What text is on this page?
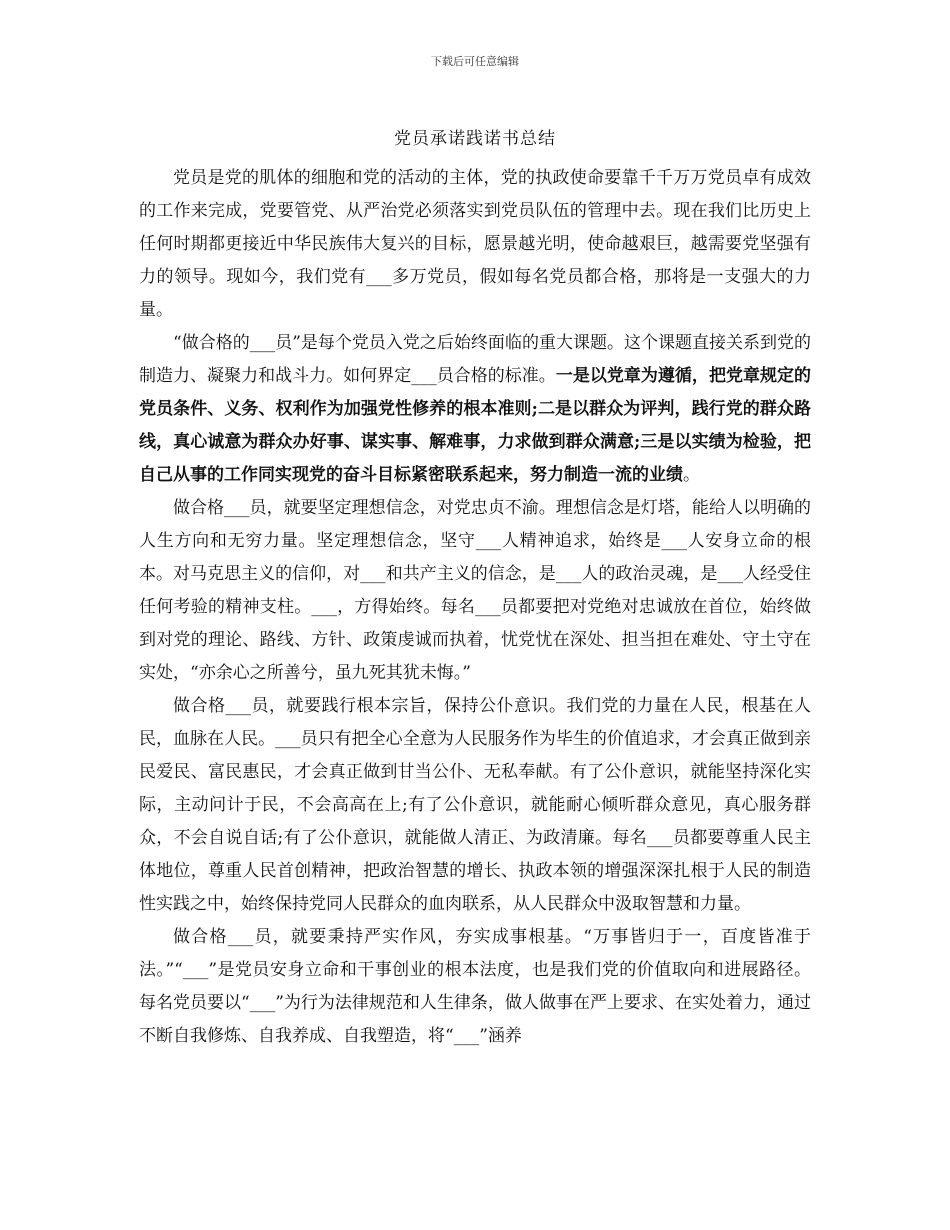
下载后可任意编辑
党员承诺践诺书总结

党员是党的肌体的细胞和党的活动的主体，党的执政使命要靠千千万万党员卓有成效的工作来完成，党要管党、从严治党必须落实到党员队伍的管理中去。现在我们比历史上任何时期都更接近中华民族伟大复兴的目标，愿景越光明，使命越艰巨，越需要党坚强有力的领导。现如今，我们党有___多万党员，假如每名党员都合格，那将是一支强大的力量。

“做合格的___员”是每个党员入党之后始终面临的重大课题。这个课题直接关系到党的制造力、凝聚力和战斗力。如何界定___员合格的标准。一是以党章为遵循，把党章规定的党员条件、义务、权利作为加强党性修养的根本准则;二是以群众为评判，践行党的群众路线，真心诚意为群众办好事、谋实事、解难事，力求做到群众满意;三是以实绩为检验，把自己从事的工作同实现党的奋斗目标紧密联系起来，努力制造一流的业绩。

做合格___员，就要坚定理想信念，对党忠贞不渝。理想信念是灯塔，能给人以明确的人生方向和无穷力量。坚定理想信念，坚守___人精神追求，始终是___人安身立命的根本。对马克思主义的信仰，对___和共产主义的信念，是___人的政治灵魂，是___人经受住任何考验的精神支柱。___，方得始终。每名___员都要把对党绝对忠诚放在首位，始终做到对党的理论、路线、方针、政策虔诚而执着，忧党忧在深处、担当担在难处、守土守在实处，“亦余心之所善兮，虽九死其犹未悔。”

做合格___员，就要践行根本宗旨，保持公仆意识。我们党的力量在人民，根基在人民，血脉在人民。___员只有把全心全意为人民服务作为毕生的价值追求，才会真正做到亲民爱民、富民惠民，才会真正做到甘当公仆、无私奉献。有了公仆意识，就能坚持深化实际，主动问计于民，不会高高在上;有了公仆意识，就能耐心倾听群众意见，真心服务群众，不会自说自话;有了公仆意识，就能做人清正、为政清廉。每名___员都要尊重人民主体地位，尊重人民首创精神，把政治智慧的增长、执政本领的增强深深扎根于人民的制造性实践之中，始终保持党同人民群众的血肉联系，从人民群众中汲取智慧和力量。

做合格___员，就要秉持严实作风，夯实成事根基。“万事皆归于一，百度皆准于法。”“___”是党员安身立命和干事创业的根本法度，也是我们党的价值取向和进展路径。每名党员要以“___”为行为法律规范和人生律条，做人做事在严上要求、在实处着力，通过不断自我修炼、自我养成、自我塑造，将“___”涵养
